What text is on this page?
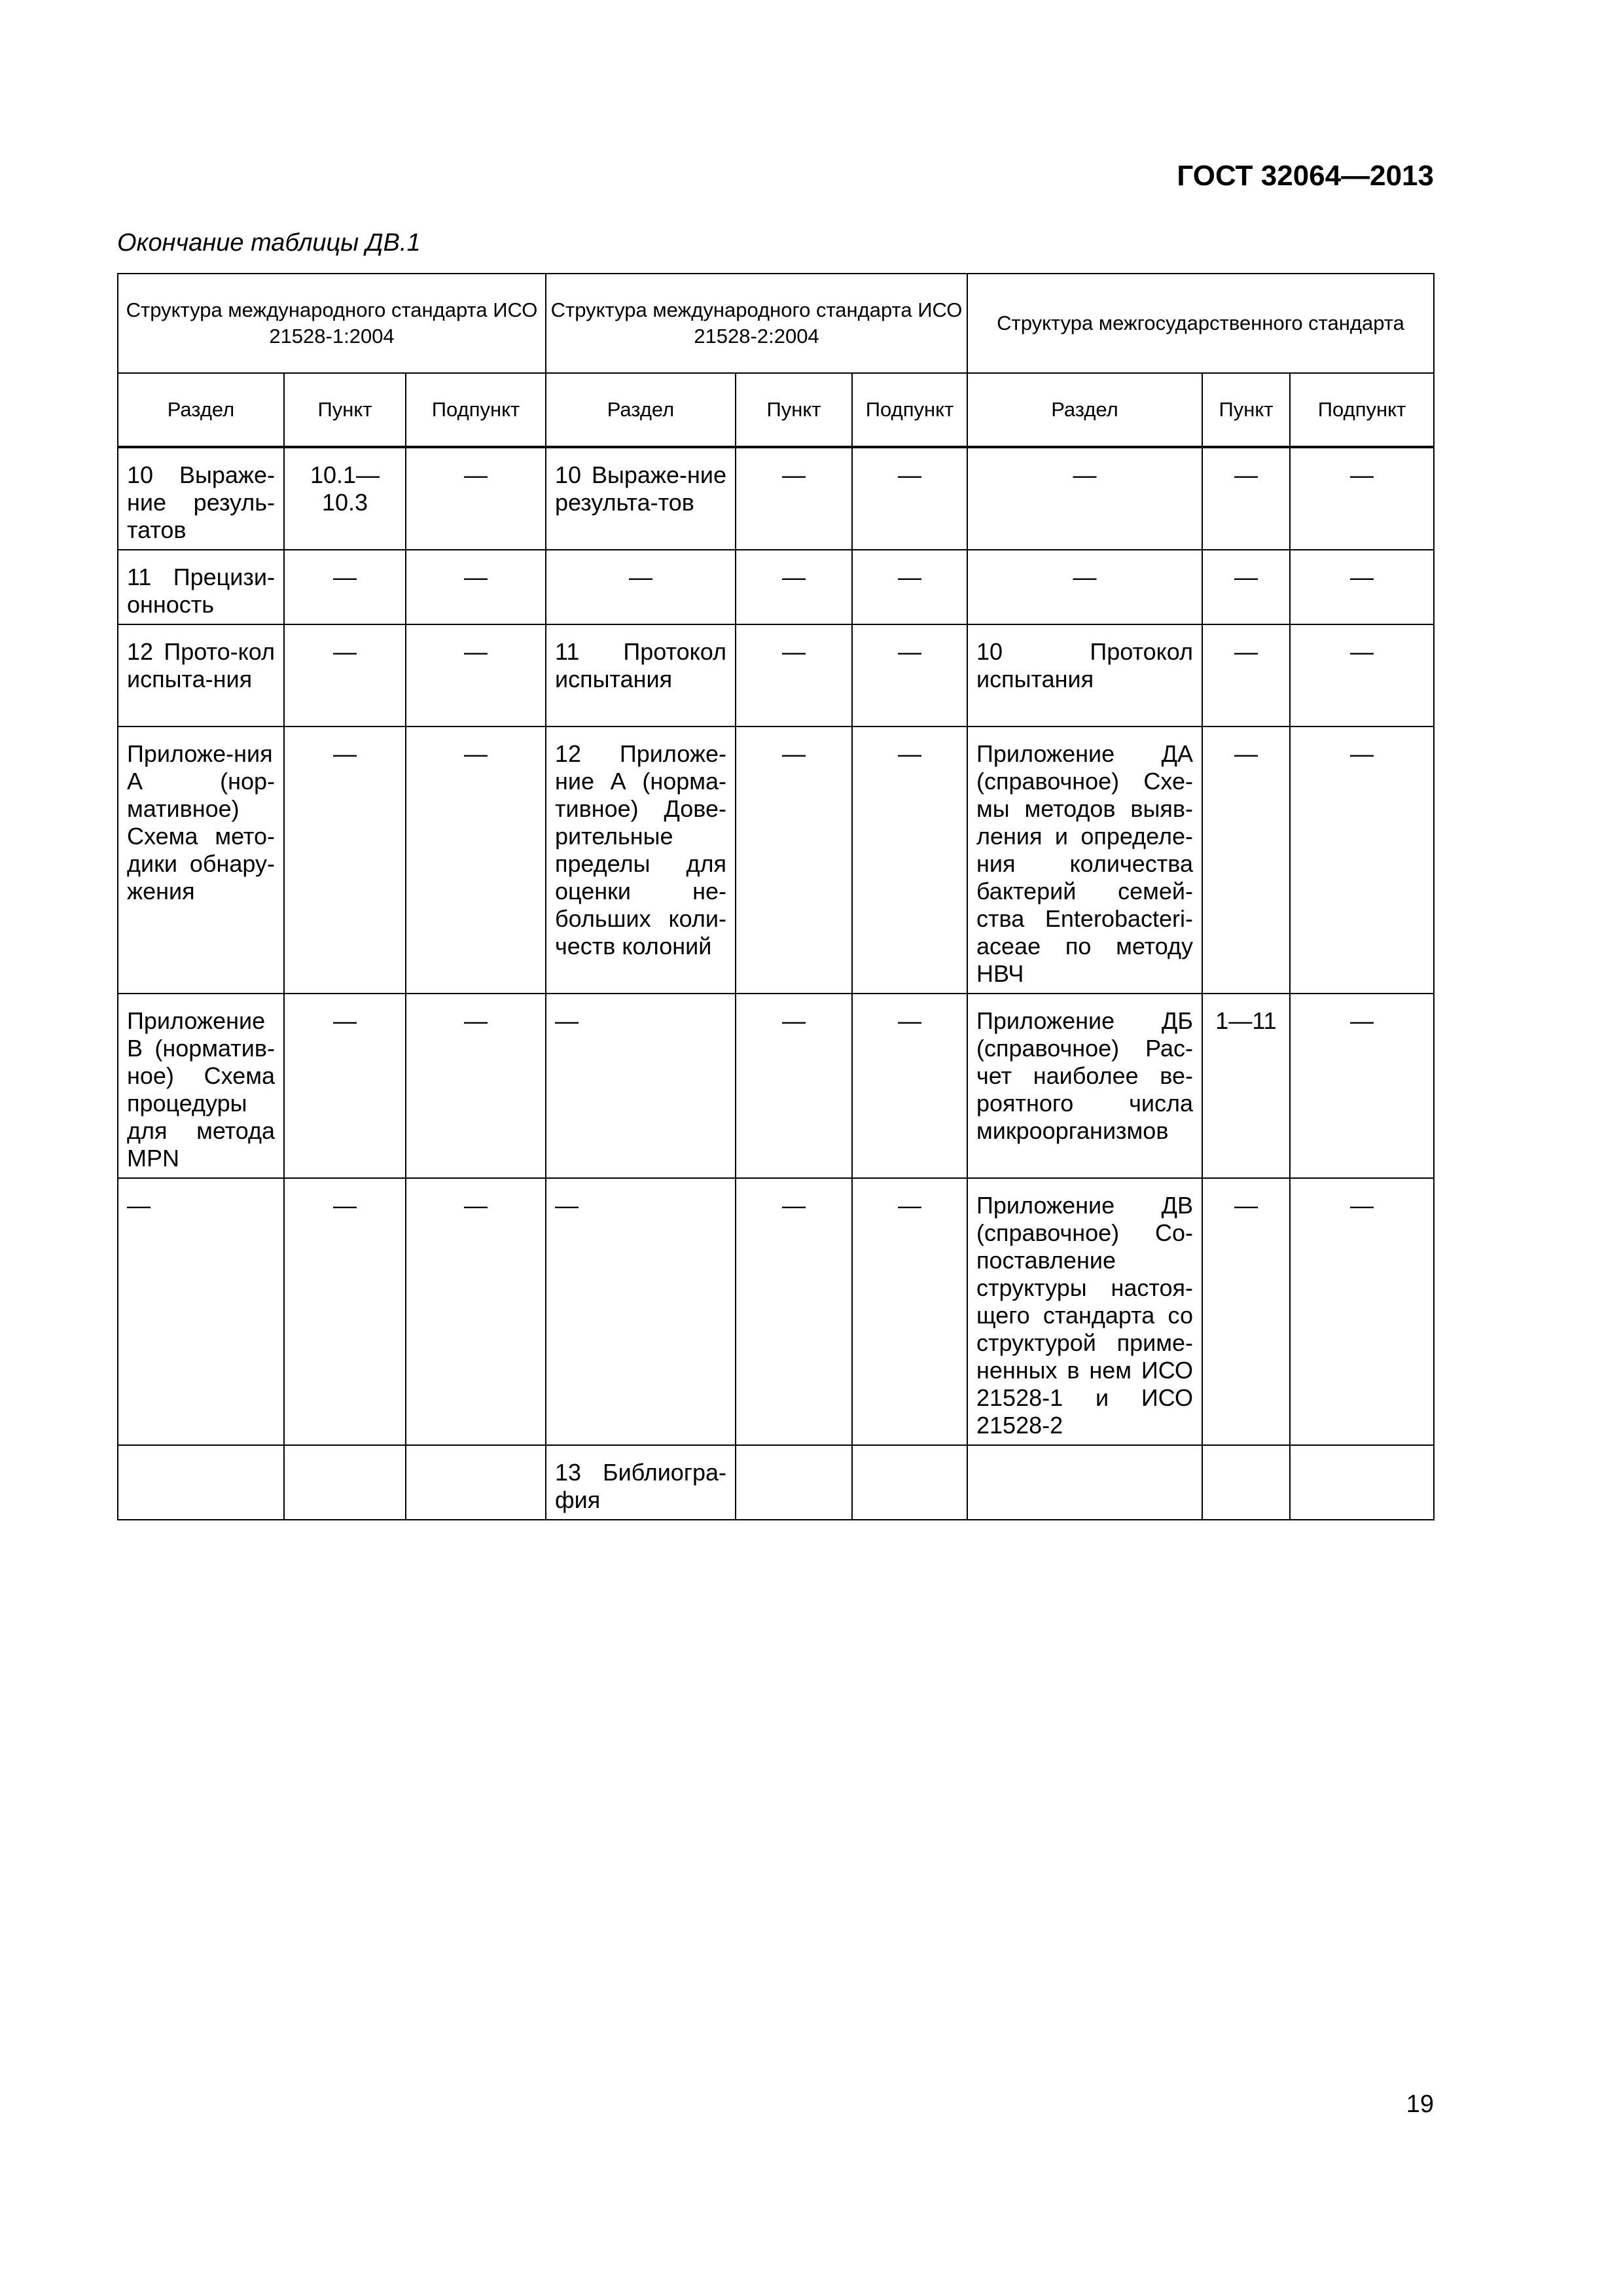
ГОСТ 32064—2013
Окончание таблицы ДВ.1
Структура международного стандарта ИСО 21528-1:2004			Структура международного стандарта ИСО 21528-2:2004			Структура межгосударственного стандарта		
Раздел	Пункт	Подпункт	Раздел	Пункт	Подпункт	Раздел	Пункт	Подпункт
10 Выраже-ние резуль-татов	10.1— 10.3	—	10 Выраже-ние результа-тов	—	—	—	—	—
11 Прецизи-онность	—	—	—	—	—	—	—	—
12 Прото-кол испыта-ния	—	—	11 Протокол испытания	—	—	10 Протокол испытания	—	—
Приложе-ния А (нор-мативное) Схема мето-дики обнару-жения	—	—	12 Приложе-ние А (норма-тивное) Дове-рительные пределы для оценки не-больших коли-честв колоний	—	—	Приложение ДА (справочное) Схе-мы методов выяв-ления и определе-ния количества бактерий семей-ства Enterobacteri-aceae по методу НВЧ	—	—
Приложение В (норматив-ное) Схема процедуры для метода MPN	—	—	—	—	—	Приложение ДБ (справочное) Рас-чет наиболее ве-роятного числа микроорганизмов	1—11	—
—	—	—	—	—	—	Приложение ДВ (справочное) Со-поставление структуры настоя-щего стандарта со структурой приме-ненных в нем ИСО 21528-1 и ИСО 21528-2	—	—
			13 Библиогра-фия					
19
